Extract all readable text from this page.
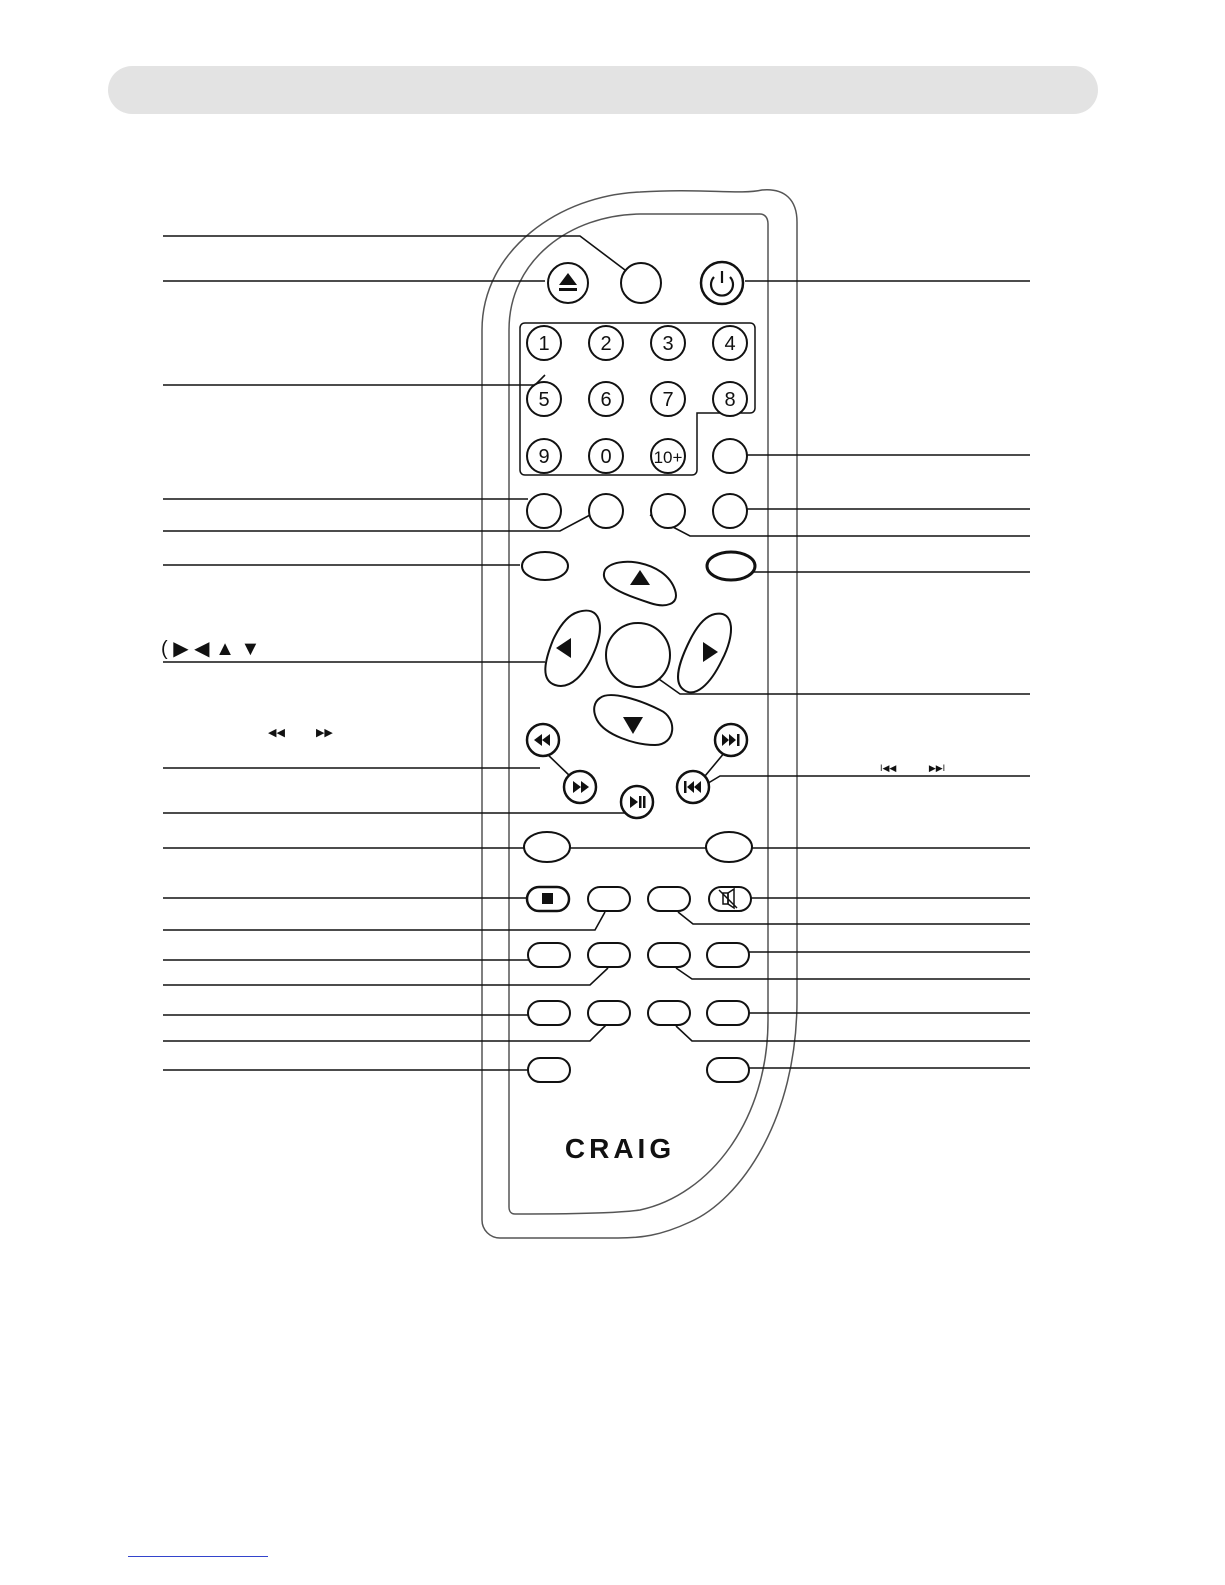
1	2	3	4
5	6	7	8
9	0 10+
CRAIG
( ▶ ◀ ▲ ▼
◀◀ ▶▶
I◀◀ ▶▶I
